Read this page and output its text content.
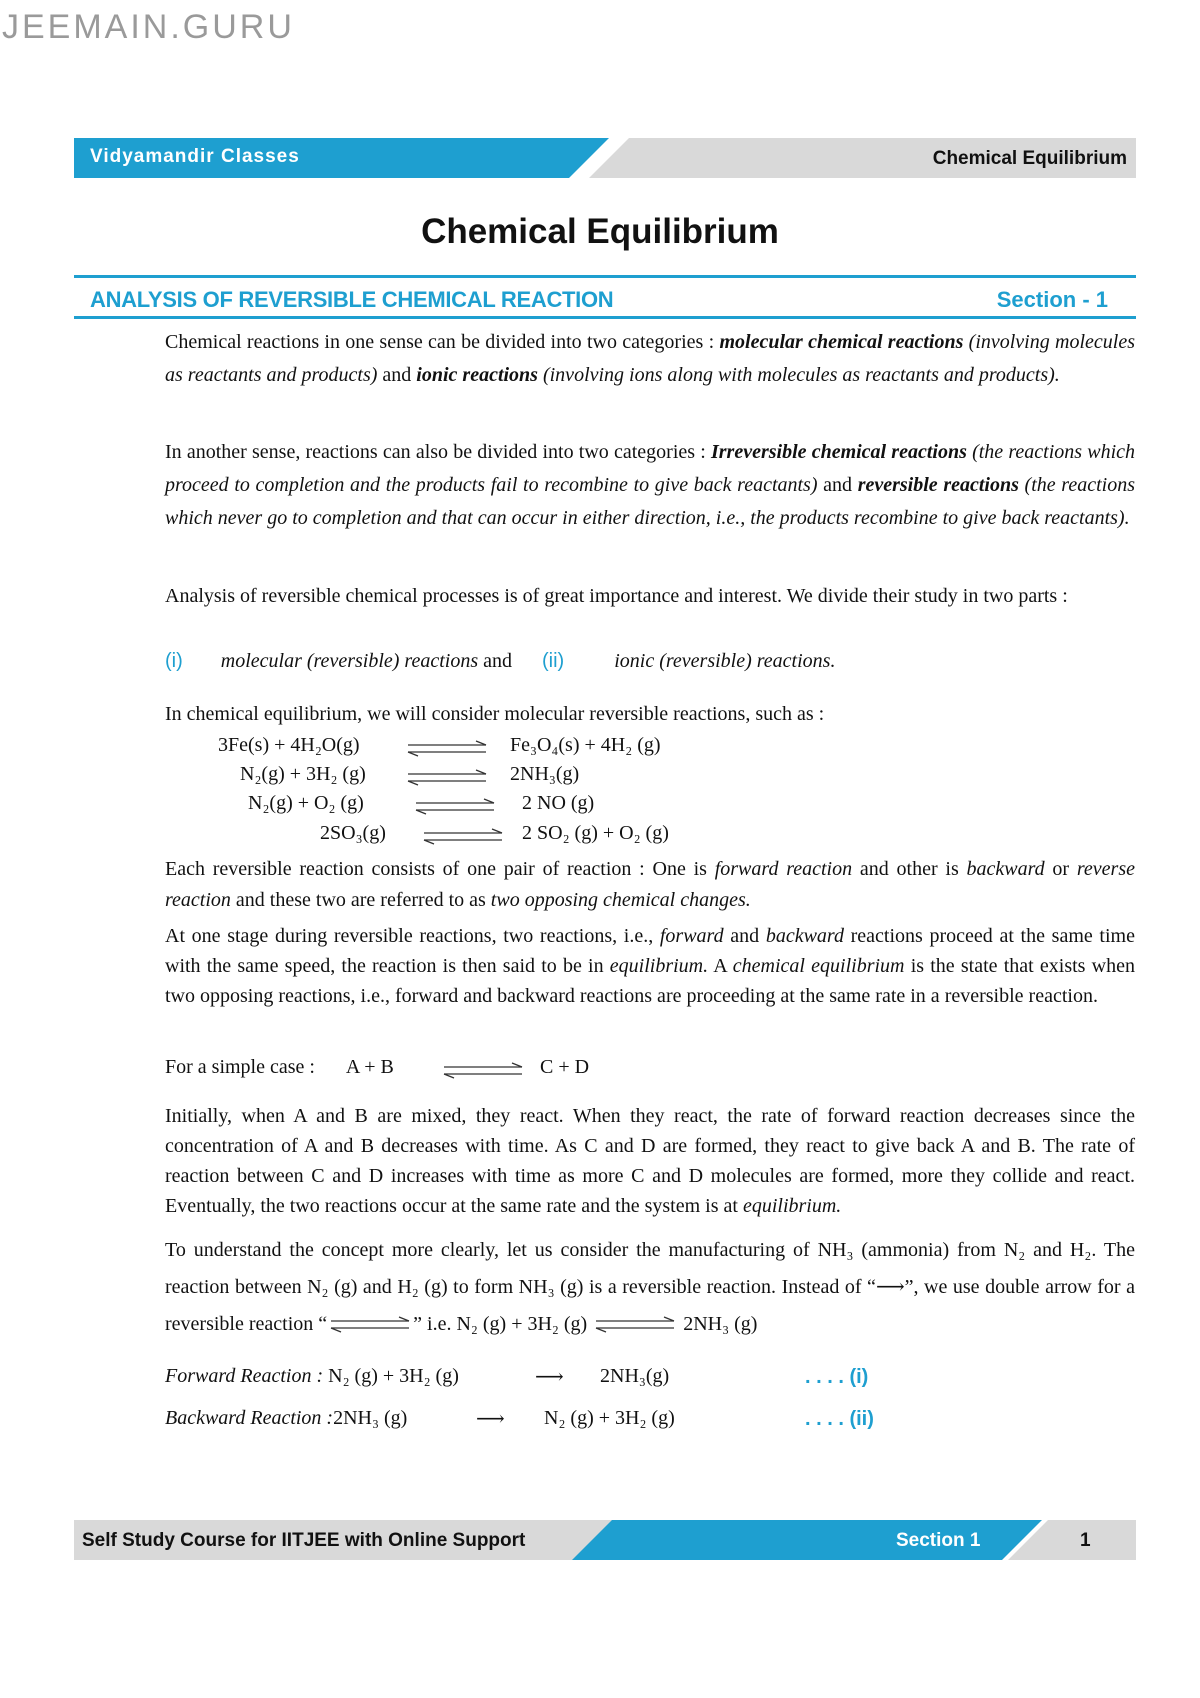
JEEMAIN.GURU
Vidyamandir Classes	Chemical Equilibrium
Chemical Equilibrium
ANALYSIS OF REVERSIBLE CHEMICAL REACTION	Section - 1
Chemical reactions in one sense can be divided into two categories : molecular chemical reactions (involving molecules as reactants and products) and ionic reactions (involving ions along with molecules as reactants and products).
In another sense, reactions can also be divided into two categories : Irreversible chemical reactions (the reactions which proceed to completion and the products fail to recombine to give back reactants) and reversible reactions (the reactions which never go to completion and that can occur in either direction, i.e., the products recombine to give back reactants).
Analysis of reversible chemical processes is of great importance and interest. We divide their study in two parts :
(i) molecular (reversible) reactions and (ii)	ionic (reversible) reactions.
In chemical equilibrium, we will consider molecular reversible reactions, such as :
3Fe(s) + 4H₂O(g)	Fe₃O₄(s) + 4H₂ (g)
N₂(g) + 3H₂ (g)	2NH₃(g)
N₂(g) + O₂ (g)	2 NO (g)
2SO₃(g)	2 SO₂ (g) + O₂ (g)
Each reversible reaction consists of one pair of reaction : One is forward reaction and other is backward or reverse reaction and these two are referred to as two opposing chemical changes.
At one stage during reversible reactions, two reactions, i.e., forward and backward reactions proceed at the same time with the same speed, the reaction is then said to be in equilibrium. A chemical equilibrium is the state that exists when two opposing reactions, i.e., forward and backward reactions are proceeding at the same rate in a reversible reaction.
For a simple case : A + B	C + D
Initially, when A and B are mixed, they react. When they react, the rate of forward reaction decreases since the concentration of A and B decreases with time. As C and D are formed, they react to give back A and B. The rate of reaction between C and D increases with time as more C and D molecules are formed, more they collide and react. Eventually, the two reactions occur at the same rate and the system is at equilibrium.
To understand the concept more clearly, let us consider the manufacturing of NH₃ (ammonia) from N₂ and H₂. The reaction between N₂ (g) and H₂ (g) to form NH₃ (g) is a reversible reaction. Instead of “⟶”, we use double arrow for a reversible reaction “	” i.e. N₂ (g) + 3H₂ (g)	2NH₃ (g)
Forward Reaction : N₂ (g) + 3H₂ (g)	⟶ 2NH₃(g)	. . . . (i)
Backward Reaction :2NH₃ (g)	⟶ N₂ (g) + 3H₂ (g)	. . . . (ii)
Self Study Course for IITJEE with Online Support	Section 1	1
